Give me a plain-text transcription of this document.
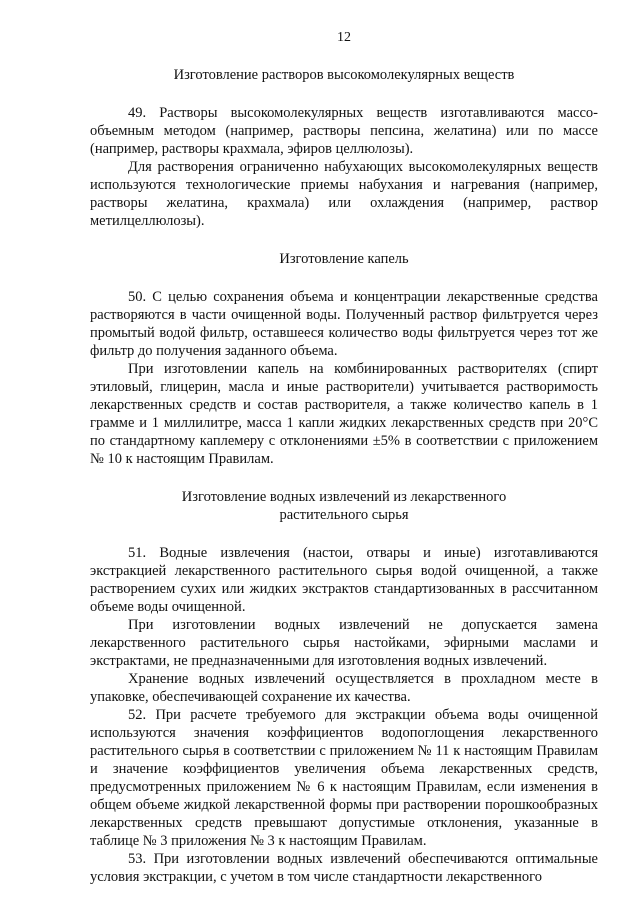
12
Изготовление растворов высокомолекулярных веществ

49. Растворы высокомолекулярных веществ изготавливаются массо-объемным методом (например, растворы пепсина, желатина) или по массе (например, растворы крахмала, эфиров целлюлозы).

Для растворения ограниченно набухающих высокомолекулярных веществ используются технологические приемы набухания и нагревания (например, растворы желатина, крахмала) или охлаждения (например, раствор метилцеллюлозы).

Изготовление капель

50. С целью сохранения объема и концентрации лекарственные средства растворяются в части очищенной воды. Полученный раствор фильтруется через промытый водой фильтр, оставшееся количество воды фильтруется через тот же фильтр до получения заданного объема.

При изготовлении капель на комбинированных растворителях (спирт этиловый, глицерин, масла и иные растворители) учитывается растворимость лекарственных средств и состав растворителя, а также количество капель в 1 грамме и 1 миллилитре, масса 1 капли жидких лекарственных средств при 20°С по стандартному каплемеру с отклонениями ±5% в соответствии с приложением № 10 к настоящим Правилам.

Изготовление водных извлечений из лекарственного
растительного сырья

51. Водные извлечения (настои, отвары и иные) изготавливаются экстракцией лекарственного растительного сырья водой очищенной, а также растворением сухих или жидких экстрактов стандартизованных в рассчитанном объеме воды очищенной.

При изготовлении водных извлечений не допускается замена лекарственного растительного сырья настойками, эфирными маслами и экстрактами, не предназначенными для изготовления водных извлечений.

Хранение водных извлечений осуществляется в прохладном месте в упаковке, обеспечивающей сохранение их качества.

52. При расчете требуемого для экстракции объема воды очищенной используются значения коэффициентов водопоглощения лекарственного растительного сырья в соответствии с приложением № 11 к настоящим Правилам и значение коэффициентов увеличения объема лекарственных средств, предусмотренных приложением № 6 к настоящим Правилам, если изменения в общем объеме жидкой лекарственной формы при растворении порошкообразных лекарственных средств превышают допустимые отклонения, указанные в таблице № 3 приложения № 3 к настоящим Правилам.

53. При изготовлении водных извлечений обеспечиваются оптимальные условия экстракции, с учетом в том числе стандартности лекарственного
